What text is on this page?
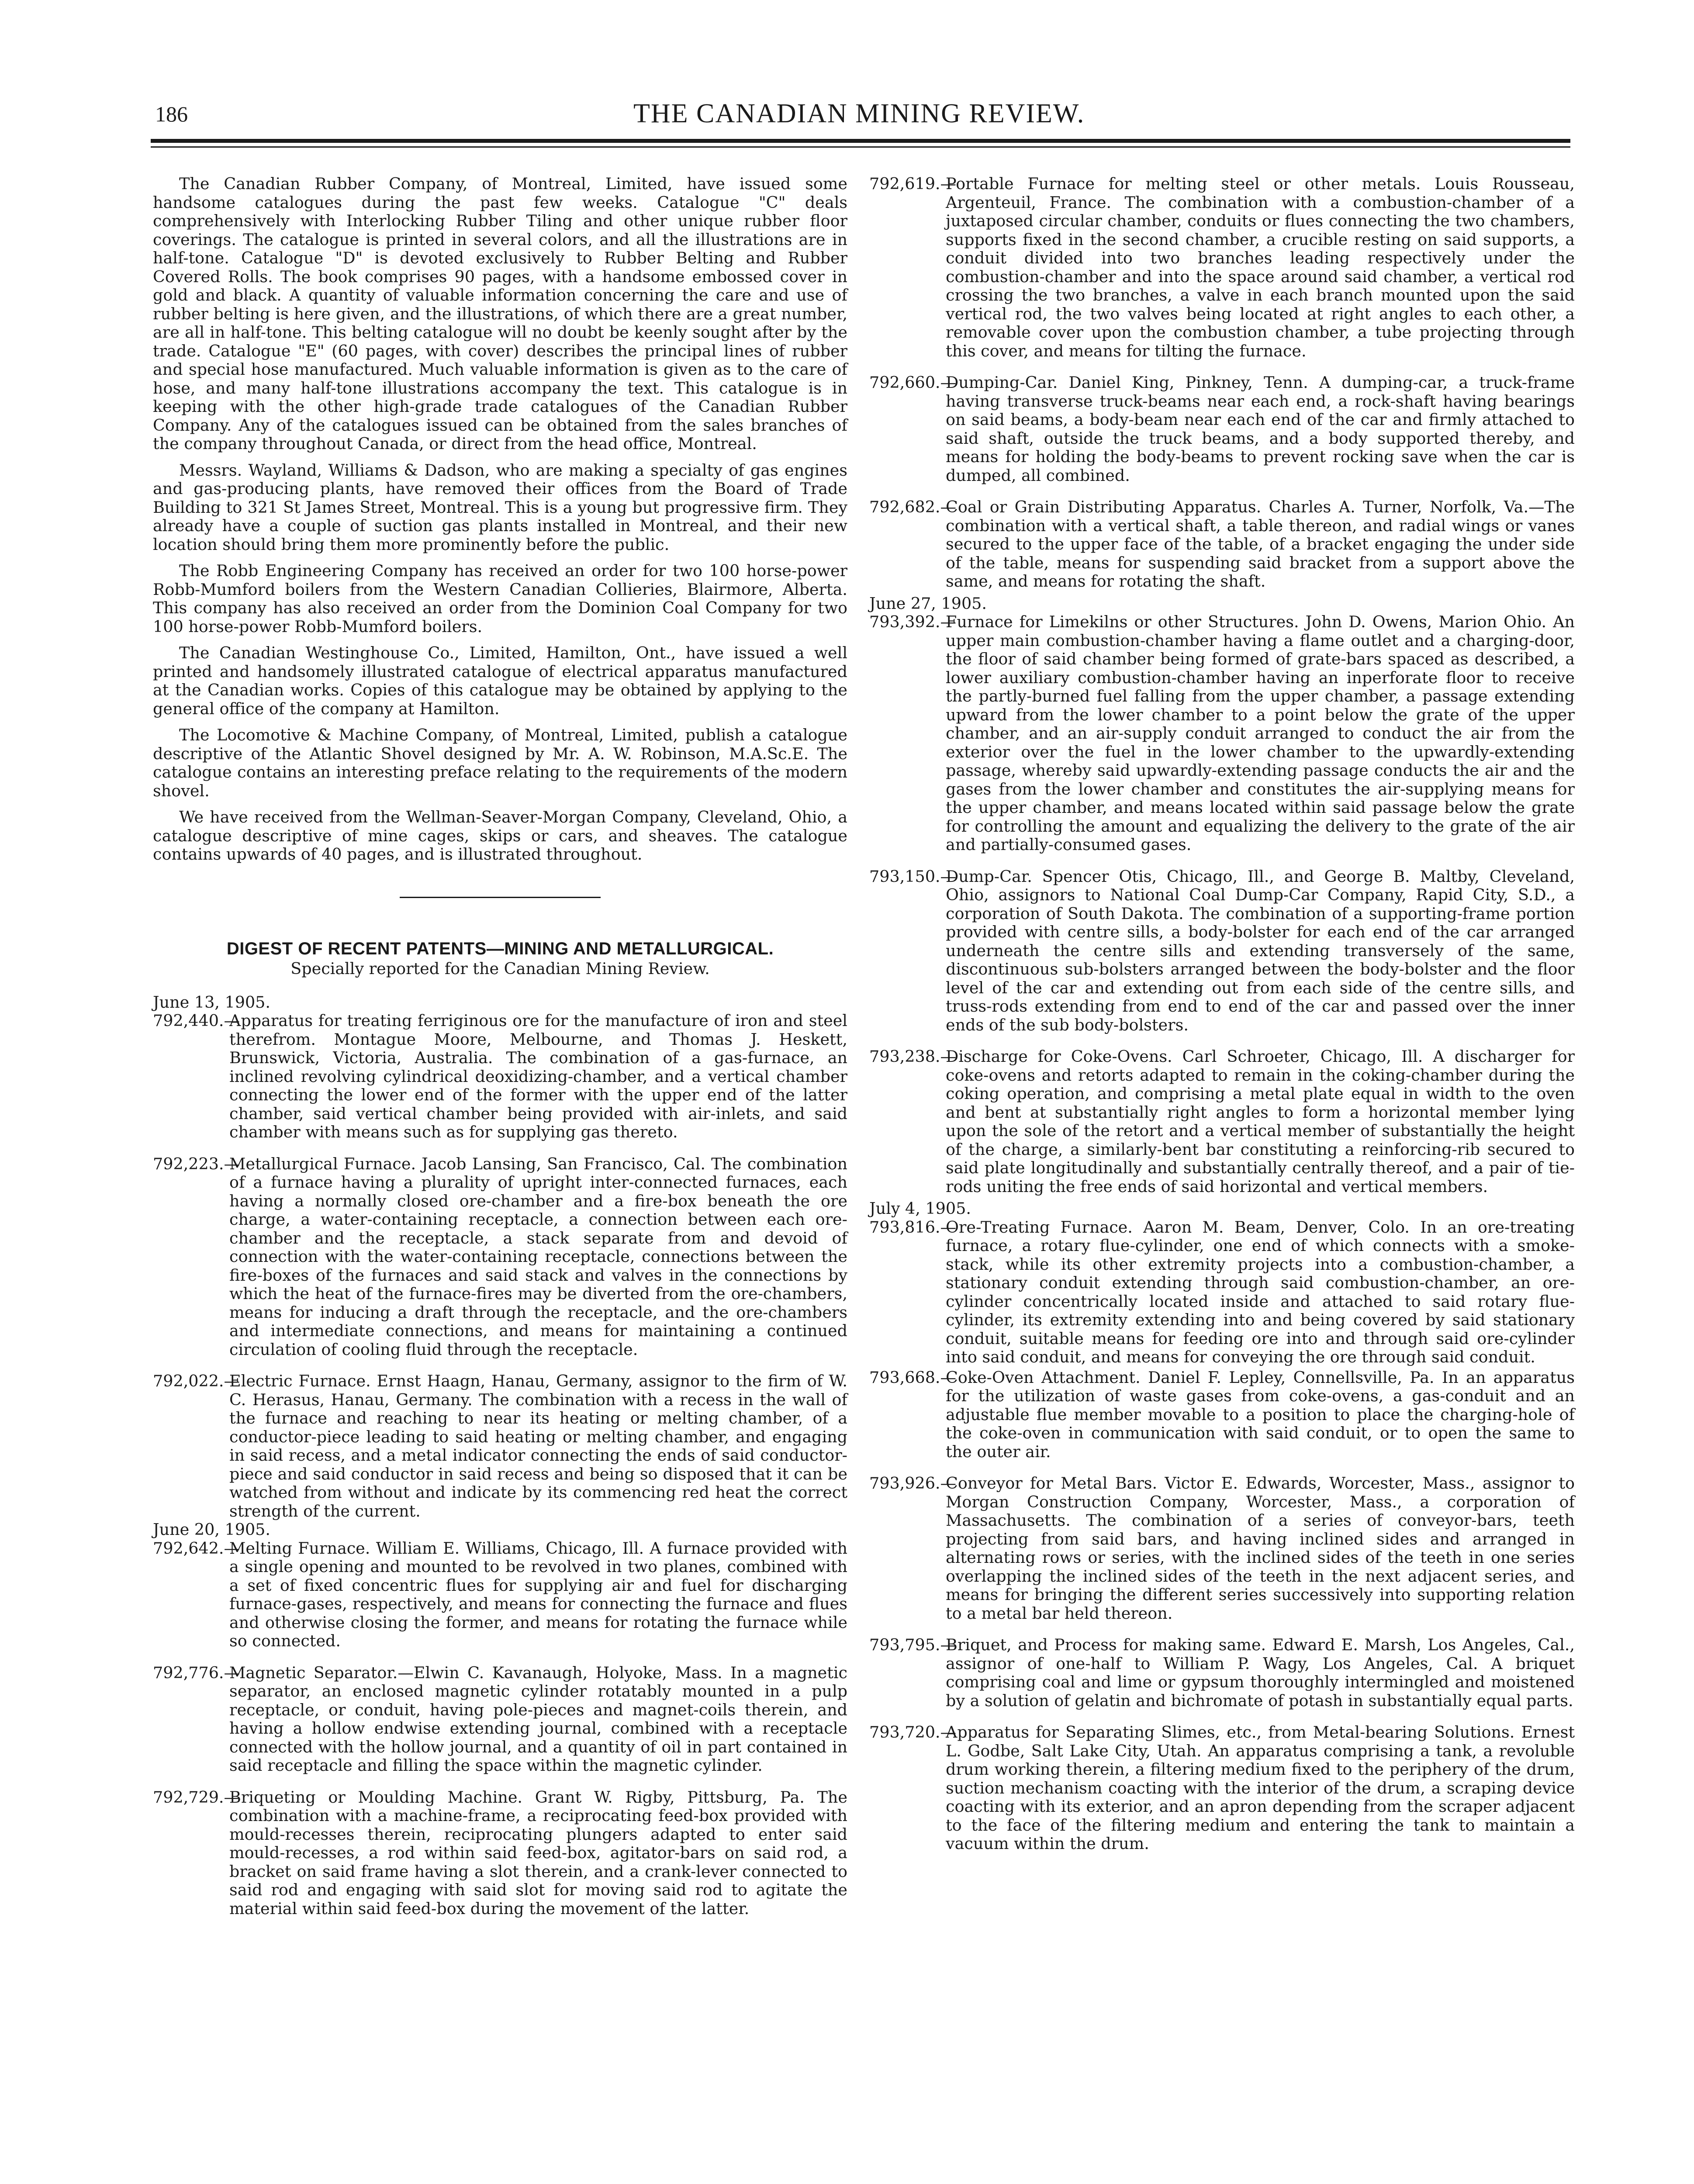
186	THE CANADIAN MINING REVIEW.

The Canadian Rubber Company, of Montreal, Limited, have issued some handsome catalogues during the past few weeks. Catalogue "C" deals comprehensively with Interlocking Rubber Tiling and other unique rubber floor coverings. The catalogue is printed in several colors, and all the illustrations are in half-tone. Catalogue "D" is devoted exclusively to Rubber Belting and Rubber Covered Rolls. The book comprises 90 pages, with a handsome embossed cover in gold and black. A quantity of valuable information concerning the care and use of rubber belting is here given, and the illustrations, of which there are a great number, are all in half-tone. This belting catalogue will no doubt be keenly sought after by the trade. Catalogue "E" (60 pages, with cover) describes the principal lines of rubber and special hose manufactured. Much valuable information is given as to the care of hose, and many half-tone illustrations accompany the text. This catalogue is in keeping with the other high-grade trade catalogues of the Canadian Rubber Company. Any of the catalogues issued can be obtained from the sales branches of the company throughout Canada, or direct from the head office, Montreal.

Messrs. Wayland, Williams & Dadson, who are making a specialty of gas engines and gas-producing plants, have removed their offices from the Board of Trade Building to 321 St James Street, Montreal. This is a young but progressive firm. They already have a couple of suction gas plants installed in Montreal, and their new location should bring them more prominently before the public.

The Robb Engineering Company has received an order for two 100 horse-power Robb-Mumford boilers from the Western Canadian Collieries, Blairmore, Alberta. This company has also received an order from the Dominion Coal Company for two 100 horse-power Robb-Mumford boilers.

The Canadian Westinghouse Co., Limited, Hamilton, Ont., have issued a well printed and handsomely illustrated catalogue of electrical apparatus manufactured at the Canadian works. Copies of this catalogue may be obtained by applying to the general office of the company at Hamilton.

The Locomotive & Machine Company, of Montreal, Limited, publish a catalogue descriptive of the Atlantic Shovel designed by Mr. A. W. Robinson, M.A.Sc.E. The catalogue contains an interesting preface relating to the requirements of the modern shovel.

We have received from the Wellman-Seaver-Morgan Company, Cleveland, Ohio, a catalogue descriptive of mine cages, skips or cars, and sheaves. The catalogue contains upwards of 40 pages, and is illustrated throughout.

DIGEST OF RECENT PATENTS—MINING AND METALLURGICAL.
Specially reported for the Canadian Mining Review.
June 13, 1905.
792,440.—
Apparatus for treating ferriginous ore for the manufacture of iron and steel therefrom. Montague Moore, Melbourne, and Thomas J. Heskett, Brunswick, Victoria, Australia. The combination of a gas-furnace, an inclined revolving cylindrical deoxidizing-chamber, and a vertical chamber connecting the lower end of the former with the upper end of the latter chamber, said vertical chamber being provided with air-inlets, and said chamber with means such as for supplying gas thereto.
792,223.—
Metallurgical Furnace. Jacob Lansing, San Francisco, Cal. The combination of a furnace having a plurality of upright inter-connected furnaces, each having a normally closed ore-chamber and a fire-box beneath the ore charge, a water-containing receptacle, a connection between each ore-chamber and the receptacle, a stack separate from and devoid of connection with the water-containing receptacle, connections between the fire-boxes of the furnaces and said stack and valves in the connections by which the heat of the furnace-fires may be diverted from the ore-chambers, means for inducing a draft through the receptacle, and the ore-chambers and intermediate connections, and means for maintaining a continued circulation of cooling fluid through the receptacle.
792,022.—
Electric Furnace. Ernst Haagn, Hanau, Germany, assignor to the firm of W. C. Herasus, Hanau, Germany. The combination with a recess in the wall of the furnace and reaching to near its heating or melting chamber, of a conductor-piece leading to said heating or melting chamber, and engaging in said recess, and a metal indicator connecting the ends of said conductor-piece and said conductor in said recess and being so disposed that it can be watched from without and indicate by its commencing red heat the correct strength of the current.
June 20, 1905.
792,642.—
Melting Furnace. William E. Williams, Chicago, Ill. A furnace provided with a single opening and mounted to be revolved in two planes, combined with a set of fixed concentric flues for supplying air and fuel for discharging furnace-gases, respectively, and means for connecting the furnace and flues and otherwise closing the former, and means for rotating the furnace while so connected.
792,776.—
Magnetic Separator.—Elwin C. Kavanaugh, Holyoke, Mass. In a magnetic separator, an enclosed magnetic cylinder rotatably mounted in a pulp receptacle, or conduit, having pole-pieces and magnet-coils therein, and having a hollow endwise extending journal, combined with a receptacle connected with the hollow journal, and a quantity of oil in part contained in said receptacle and filling the space within the magnetic cylinder.
792,729.—
Briqueting or Moulding Machine. Grant W. Rigby, Pittsburg, Pa. The combination with a machine-frame, a reciprocating feed-box provided with mould-recesses therein, reciprocating plungers adapted to enter said mould-recesses, a rod within said feed-box, agitator-bars on said rod, a bracket on said frame having a slot therein, and a crank-lever connected to said rod and engaging with said slot for moving said rod to agitate the material within said feed-box during the movement of the latter.
792,619.—
Portable Furnace for melting steel or other metals. Louis Rousseau, Argenteuil, France. The combination with a combustion-chamber of a juxtaposed circular chamber, conduits or flues connecting the two chambers, supports fixed in the second chamber, a crucible resting on said supports, a conduit divided into two branches leading respectively under the combustion-chamber and into the space around said chamber, a vertical rod crossing the two branches, a valve in each branch mounted upon the said vertical rod, the two valves being located at right angles to each other, a removable cover upon the combustion chamber, a tube projecting through this cover, and means for tilting the furnace.
792,660.—
Dumping-Car. Daniel King, Pinkney, Tenn. A dumping-car, a truck-frame having transverse truck-beams near each end, a rock-shaft having bearings on said beams, a body-beam near each end of the car and firmly attached to said shaft, outside the truck beams, and a body supported thereby, and means for holding the body-beams to prevent rocking save when the car is dumped, all combined.
792,682.—
Coal or Grain Distributing Apparatus. Charles A. Turner, Norfolk, Va.—The combination with a vertical shaft, a table thereon, and radial wings or vanes secured to the upper face of the table, of a bracket engaging the under side of the table, means for suspending said bracket from a support above the same, and means for rotating the shaft.
June 27, 1905.
793,392.—
Furnace for Limekilns or other Structures. John D. Owens, Marion Ohio. An upper main combustion-chamber having a flame outlet and a charging-door, the floor of said chamber being formed of grate-bars spaced as described, a lower auxiliary combustion-chamber having an inperforate floor to receive the partly-burned fuel falling from the upper chamber, a passage extending upward from the lower chamber to a point below the grate of the upper chamber, and an air-supply conduit arranged to conduct the air from the exterior over the fuel in the lower chamber to the upwardly-extending passage, whereby said upwardly-extending passage conducts the air and the gases from the lower chamber and constitutes the air-supplying means for the upper chamber, and means located within said passage below the grate for controlling the amount and equalizing the delivery to the grate of the air and partially-consumed gases.
793,150.—
Dump-Car. Spencer Otis, Chicago, Ill., and George B. Maltby, Cleveland, Ohio, assignors to National Coal Dump-Car Company, Rapid City, S.D., a corporation of South Dakota. The combination of a supporting-frame portion provided with centre sills, a body-bolster for each end of the car arranged underneath the centre sills and extending transversely of the same, discontinuous sub-bolsters arranged between the body-bolster and the floor level of the car and extending out from each side of the centre sills, and truss-rods extending from end to end of the car and passed over the inner ends of the sub body-bolsters.
793,238.—
Discharge for Coke-Ovens. Carl Schroeter, Chicago, Ill. A discharger for coke-ovens and retorts adapted to remain in the coking-chamber during the coking operation, and comprising a metal plate equal in width to the oven and bent at substantially right angles to form a horizontal member lying upon the sole of the retort and a vertical member of substantially the height of the charge, a similarly-bent bar constituting a reinforcing-rib secured to said plate longitudinally and substantially centrally thereof, and a pair of tie-rods uniting the free ends of said horizontal and vertical members.
July 4, 1905.
793,816.—
Ore-Treating Furnace. Aaron M. Beam, Denver, Colo. In an ore-treating furnace, a rotary flue-cylinder, one end of which connects with a smoke-stack, while its other extremity projects into a combustion-chamber, a stationary conduit extending through said combustion-chamber, an ore-cylinder concentrically located inside and attached to said rotary flue-cylinder, its extremity extending into and being covered by said stationary conduit, suitable means for feeding ore into and through said ore-cylinder into said conduit, and means for conveying the ore through said conduit.
793,668.—
Coke-Oven Attachment. Daniel F. Lepley, Connellsville, Pa. In an apparatus for the utilization of waste gases from coke-ovens, a gas-conduit and an adjustable flue member movable to a position to place the charging-hole of the coke-oven in communication with said conduit, or to open the same to the outer air.
793,926.—
Conveyor for Metal Bars. Victor E. Edwards, Worcester, Mass., assignor to Morgan Construction Company, Worcester, Mass., a corporation of Massachusetts. The combination of a series of conveyor-bars, teeth projecting from said bars, and having inclined sides and arranged in alternating rows or series, with the inclined sides of the teeth in one series overlapping the inclined sides of the teeth in the next adjacent series, and means for bringing the different series successively into supporting relation to a metal bar held thereon.
793,795.—
Briquet, and Process for making same. Edward E. Marsh, Los Angeles, Cal., assignor of one-half to William P. Wagy, Los Angeles, Cal. A briquet comprising coal and lime or gypsum thoroughly intermingled and moistened by a solution of gelatin and bichromate of potash in substantially equal parts.
793,720.—
Apparatus for Separating Slimes, etc., from Metal-bearing Solutions. Ernest L. Godbe, Salt Lake City, Utah. An apparatus comprising a tank, a revoluble drum working therein, a filtering medium fixed to the periphery of the drum, suction mechanism coacting with the interior of the drum, a scraping device coacting with its exterior, and an apron depending from the scraper adjacent to the face of the filtering medium and entering the tank to maintain a vacuum within the drum.
